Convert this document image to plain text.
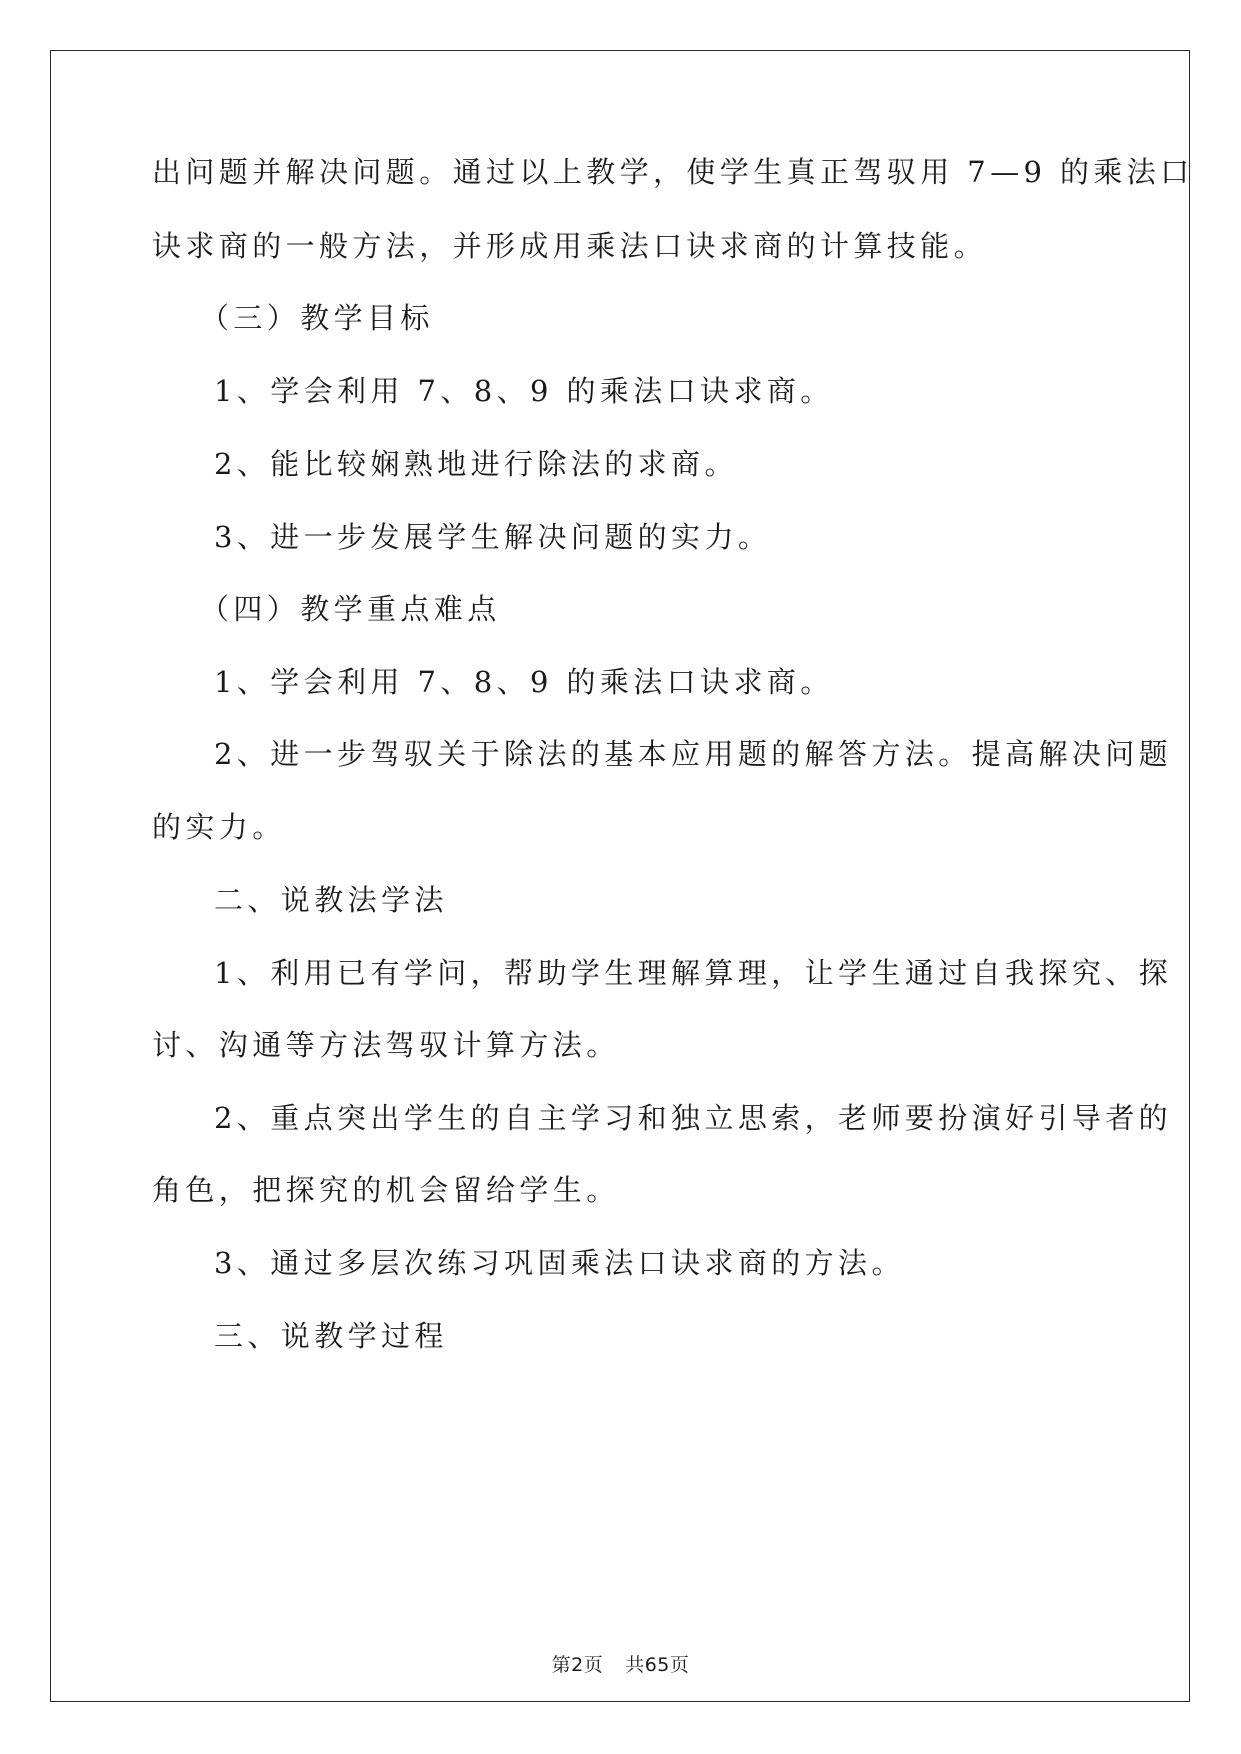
出问题并解决问题。通过以上教学，使学生真正驾驭用 7—9 的乘法口
诀求商的一般方法，并形成用乘法口诀求商的计算技能。
（三）教学目标
1、学会利用 7、8、9 的乘法口诀求商。
2、能比较娴熟地进行除法的求商。
3、进一步发展学生解决问题的实力。
（四）教学重点难点
1、学会利用 7、8、9 的乘法口诀求商。
2、进一步驾驭关于除法的基本应用题的解答方法。提高解决问题
的实力。
二、说教法学法
1、利用已有学问，帮助学生理解算理，让学生通过自我探究、探
讨、沟通等方法驾驭计算方法。
2、重点突出学生的自主学习和独立思索，老师要扮演好引导者的
角色，把探究的机会留给学生。
3、通过多层次练习巩固乘法口诀求商的方法。
三、说教学过程
第2页 共65页
